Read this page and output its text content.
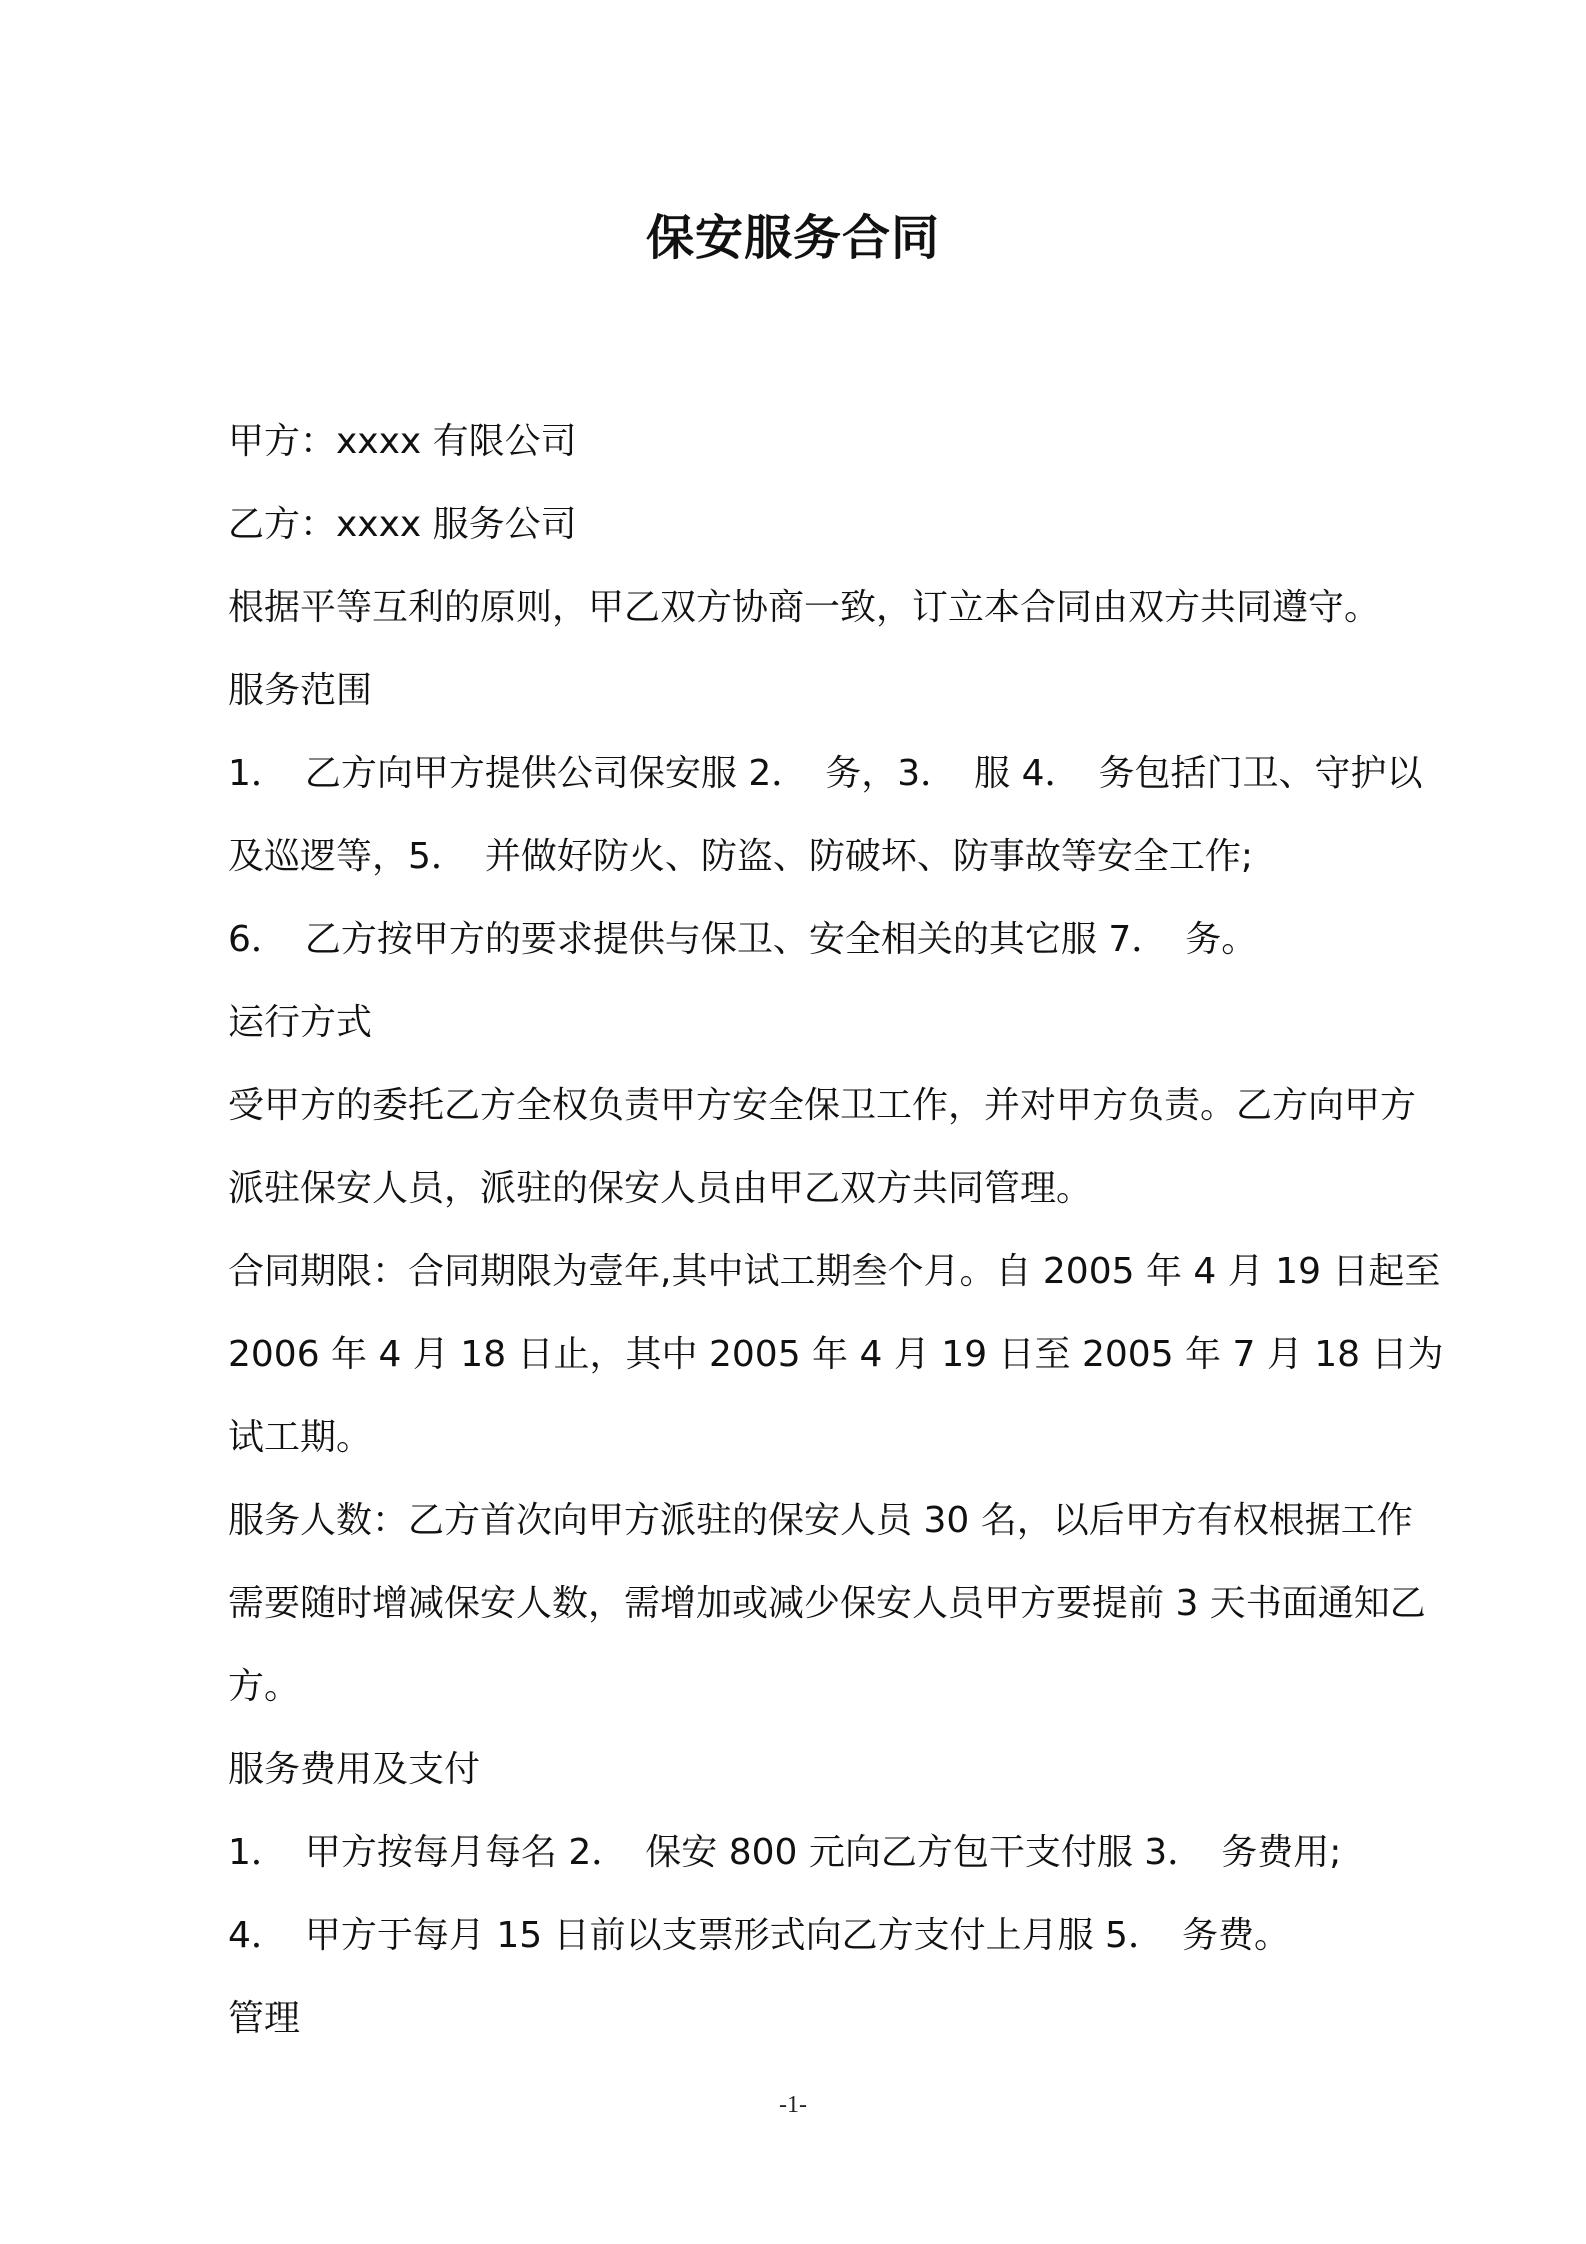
保安服务合同

甲方：xxxx 有限公司

乙方：xxxx 服务公司

根据平等互利的原则，甲乙双方协商一致，订立本合同由双方共同遵守。

服务范围

1．　乙方向甲方提供公司保安服 2．　务，3．　服 4．　务包括门卫、守护以及巡逻等，5．　并做好防火、防盗、防破坏、防事故等安全工作;

6．　乙方按甲方的要求提供与保卫、安全相关的其它服 7．　务。

运行方式

受甲方的委托乙方全权负责甲方安全保卫工作，并对甲方负责。乙方向甲方派驻保安人员，派驻的保安人员由甲乙双方共同管理。

合同期限：合同期限为壹年,其中试工期叁个月。自 2005 年 4 月 19 日起至 2006 年 4 月 18 日止，其中 2005 年 4 月 19 日至 2005 年 7 月 18 日为试工期。

服务人数：乙方首次向甲方派驻的保安人员 30 名，以后甲方有权根据工作需要随时增减保安人数，需增加或减少保安人员甲方要提前 3 天书面通知乙方。

服务费用及支付

1．　甲方按每月每名 2．　保安 800 元向乙方包干支付服 3．　务费用;

4．　甲方于每月 15 日前以支票形式向乙方支付上月服 5．　务费。

管理

-1-
